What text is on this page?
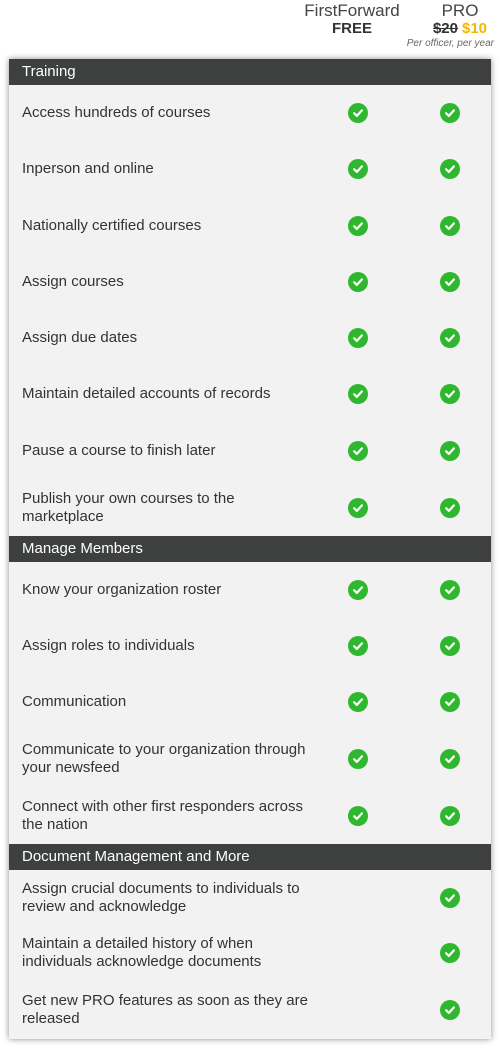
FirstForward
FREE
PRO
$20 $10
Per officer, per year
Training
Access hundreds of courses
Inperson and online
Nationally certified courses
Assign courses
Assign due dates
Maintain detailed accounts of records
Pause a course to finish later
Publish your own courses to the marketplace
Manage Members
Know your organization roster
Assign roles to individuals
Communication
Communicate to your organization through your newsfeed
Connect with other first responders across the nation
Document Management and More
Assign crucial documents to individuals to review and acknowledge
Maintain a detailed history of when individuals acknowledge documents
Get new PRO features as soon as they are released
